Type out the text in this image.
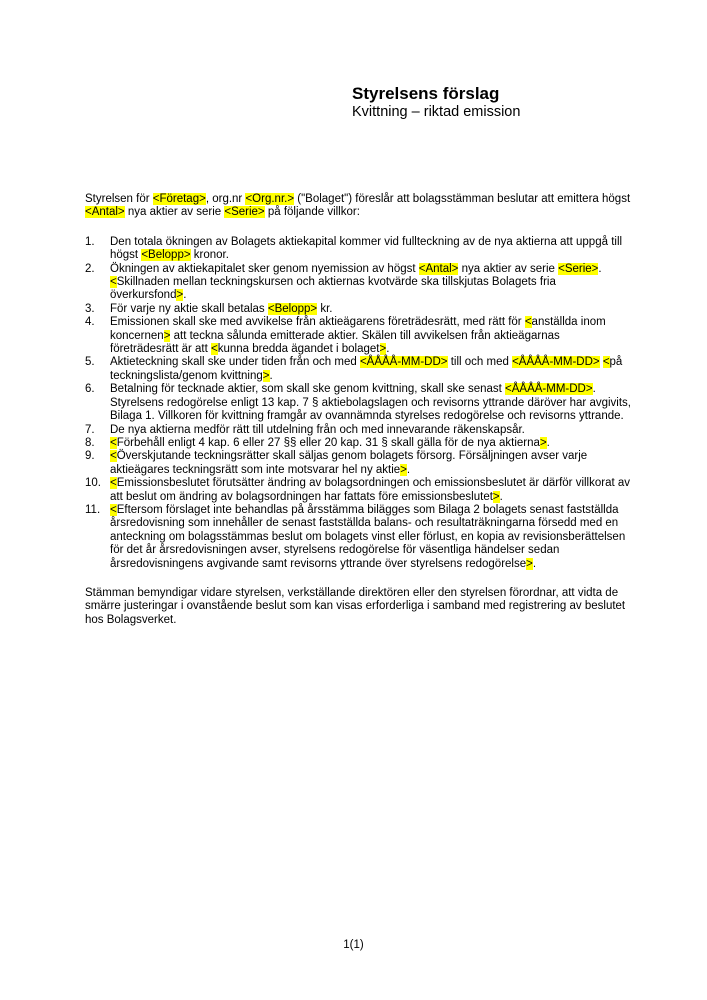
Styrelsens förslag
Kvittning – riktad emission

Styrelsen för <Företag>, org.nr <Org.nr.> ("Bolaget") föreslår att bolagsstämman beslutar att emittera högst <Antal> nya aktier av serie <Serie> på följande villkor:

1.	Den totala ökningen av Bolagets aktiekapital kommer vid fullteckning av de nya aktierna att uppgå till högst <Belopp> kronor.
2.	Ökningen av aktiekapitalet sker genom nyemission av högst <Antal> nya aktier av serie <Serie>. <Skillnaden mellan teckningskursen och aktiernas kvotvärde ska tillskjutas Bolagets fria överkursfond>.
3.	För varje ny aktie skall betalas <Belopp> kr.
4.	Emissionen skall ske med avvikelse från aktieägarens företrädesrätt, med rätt för <anställda inom koncernen> att teckna sålunda emitterade aktier. Skälen till avvikelsen från aktieägarnas företrädesrätt är att <kunna bredda ägandet i bolaget>.
5.	Aktieteckning skall ske under tiden från och med <ÅÅÅÅ-MM-DD> till och med <ÅÅÅÅ-MM-DD> <på teckningslista/genom kvittning>.
6.	Betalning för tecknade aktier, som skall ske genom kvittning, skall ske senast <ÅÅÅÅ-MM-DD>. Styrelsens redogörelse enligt 13 kap. 7 § aktiebolagslagen och revisorns yttrande däröver har avgivits, Bilaga 1. Villkoren för kvittning framgår av ovannämnda styrelses redogörelse och revisorns yttrande.
7.	De nya aktierna medför rätt till utdelning från och med innevarande räkenskapsår.
8.	<Förbehåll enligt 4 kap. 6 eller 27 §§ eller 20 kap. 31 § skall gälla för de nya aktierna>.
9.	<Överskjutande teckningsrätter skall säljas genom bolagets försorg. Försäljningen avser varje aktieägares teckningsrätt som inte motsvarar hel ny aktie>.
10. <Emissionsbeslutet förutsätter ändring av bolagsordningen och emissionsbeslutet är därför villkorat av att beslut om ändring av bolagsordningen har fattats före emissionsbeslutet>.
11. <Eftersom förslaget inte behandlas på årsstämma bilägges som Bilaga 2 bolagets senast fastställda årsredovisning som innehåller de senast fastställda balans- och resultaträkningarna försedd med en anteckning om bolagsstämmas beslut om bolagets vinst eller förlust, en kopia av revisionsberättelsen för det år årsredovisningen avser, styrelsens redogörelse för väsentliga händelser sedan årsredovisningens avgivande samt revisorns yttrande över styrelsens redogörelse>.

Stämman bemyndigar vidare styrelsen, verkställande direktören eller den styrelsen förordnar, att vidta de smärre justeringar i ovanstående beslut som kan visas erforderliga i samband med registrering av beslutet hos Bolagsverket.

1(1)
